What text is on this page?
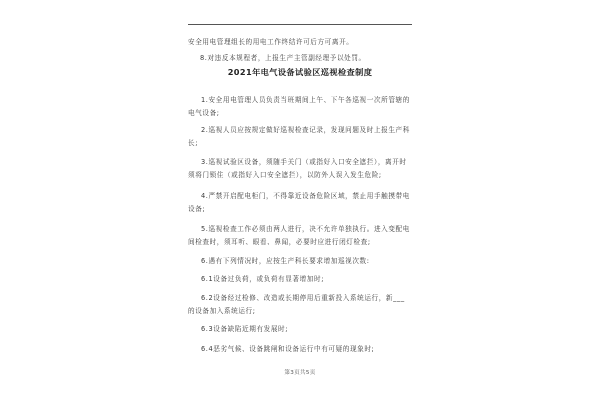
安全用电管理组长的用电工作终结许可后方可离开。

8.对违反本规程者，上报生产主管副经理予以处罚。

2021年电气设备试验区巡视检查制度

1.安全用电管理人员负责当班期间上午、下午各巡视一次所管辖的
电气设备;

2.巡视人员应按规定做好巡视检查记录，发现问题及时上报生产科
长;

3.巡视试验区设备，须随手关门（或指好入口安全遮拦），离开时
须将门锁住（或指好入口安全遮拦），以防外人误入发生危险;

4.严禁开启配电柜门，不得靠近设备危险区域，禁止用手触摸带电
设备;

5.巡视检查工作必须由两人进行，决不允许单独执行。进入变配电
间检查时，须耳听、眼看、鼻闻，必要时应进行闭灯检查;

6.遇有下列情况时，应按生产科长要求增加巡视次数:

6.1设备过负荷，或负荷有显著增加时;

6.2设备经过检修、改造或长期停用后重新投入系统运行，新___
的设备加入系统运行;

6.3设备缺陷近期有发展时;

6.4恶劣气候、设备跳闸和设备运行中有可疑的现象时;

第3页共5页
